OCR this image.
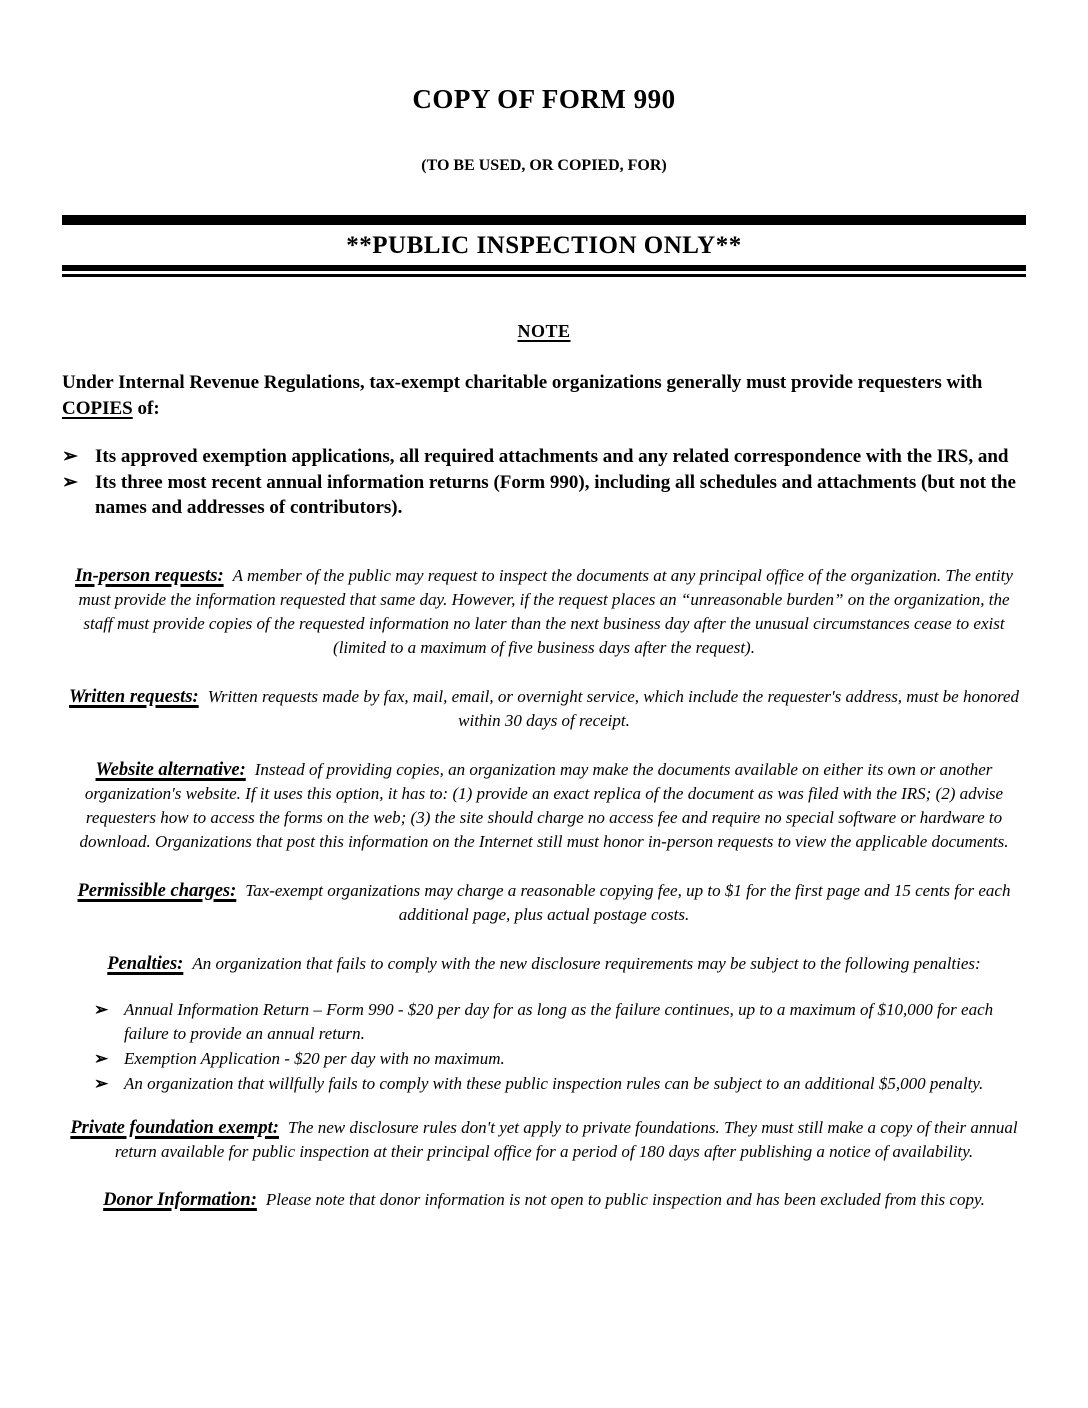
COPY OF FORM 990
(TO BE USED, OR COPIED, FOR)
**PUBLIC INSPECTION ONLY**
NOTE

Under Internal Revenue Regulations, tax-exempt charitable organizations generally must provide requesters with COPIES of:

➢ Its approved exemption applications, all required attachments and any related correspondence with the IRS, and
➢ Its three most recent annual information returns (Form 990), including all schedules and attachments (but not the names and addresses of contributors).

In-person requests: A member of the public may request to inspect the documents at any principal office of the organization. The entity must provide the information requested that same day. However, if the request places an “unreasonable burden” on the organization, the staff must provide copies of the requested information no later than the next business day after the unusual circumstances cease to exist (limited to a maximum of five business days after the request).

Written requests: Written requests made by fax, mail, email, or overnight service, which include the requester's address, must be honored within 30 days of receipt.

Website alternative: Instead of providing copies, an organization may make the documents available on either its own or another organization's website. If it uses this option, it has to: (1) provide an exact replica of the document as was filed with the IRS; (2) advise requesters how to access the forms on the web; (3) the site should charge no access fee and require no special software or hardware to download. Organizations that post this information on the Internet still must honor in-person requests to view the applicable documents.

Permissible charges: Tax-exempt organizations may charge a reasonable copying fee, up to $1 for the first page and 15 cents for each additional page, plus actual postage costs.

Penalties: An organization that fails to comply with the new disclosure requirements may be subject to the following penalties:

➢ Annual Information Return – Form 990 - $20 per day for as long as the failure continues, up to a maximum of $10,000 for each failure to provide an annual return.
➢ Exemption Application - $20 per day with no maximum.
➢ An organization that willfully fails to comply with these public inspection rules can be subject to an additional $5,000 penalty.

Private foundation exempt: The new disclosure rules don't yet apply to private foundations. They must still make a copy of their annual return available for public inspection at their principal office for a period of 180 days after publishing a notice of availability.

Donor Information: Please note that donor information is not open to public inspection and has been excluded from this copy.
